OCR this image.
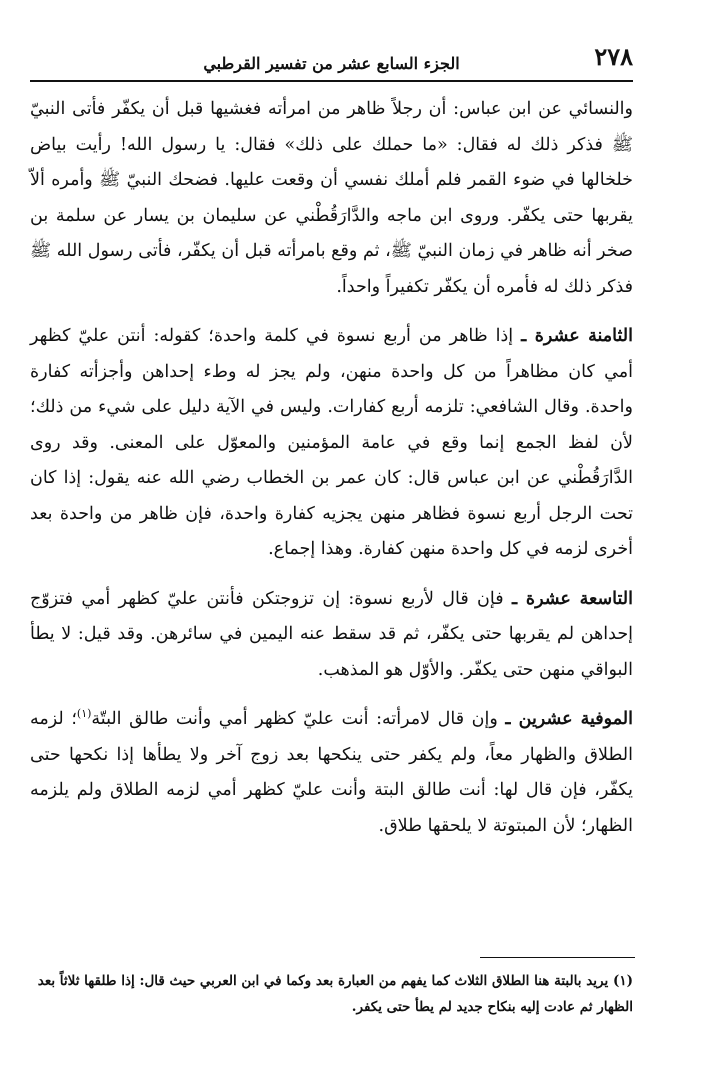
٢٧٨
الجزء السابع عشر من تفسير القرطبي

والنسائي عن ابن عباس: أن رجلاً ظاهر من امرأته فغشيها قبل أن يكفّر فأتى النبيّ ﷺ فذكر ذلك له فقال: «ما حملك على ذلك» فقال: يا رسول الله! رأيت بياض خلخالها في ضوء القمر فلم أملك نفسي أن وقعت عليها. فضحك النبيّ ﷺ وأمره ألاّ يقربها حتى يكفّر. وروى ابن ماجه والدَّارَقُطْني عن سليمان بن يسار عن سلمة بن صخر أنه ظاهر في زمان النبيّ ﷺ، ثم وقع بامرأته قبل أن يكفّر، فأتى رسول الله ﷺ فذكر ذلك له فأمره أن يكفّر تكفيراً واحداً.

الثامنة عشرة ـ إذا ظاهر من أربع نسوة في كلمة واحدة؛ كقوله: أنتن عليّ كظهر أمي كان مظاهراً من كل واحدة منهن، ولم يجز له وطء إحداهن وأجزأته كفارة واحدة. وقال الشافعي: تلزمه أربع كفارات. وليس في الآية دليل على شيء من ذلك؛ لأن لفظ الجمع إنما وقع في عامة المؤمنين والمعوّل على المعنى. وقد روى الدَّارَقُطْني عن ابن عباس قال: كان عمر بن الخطاب رضي الله عنه يقول: إذا كان تحت الرجل أربع نسوة فظاهر منهن يجزيه كفارة واحدة، فإن ظاهر من واحدة بعد أخرى لزمه في كل واحدة منهن كفارة. وهذا إجماع.

التاسعة عشرة ـ فإن قال لأربع نسوة: إن تزوجتكن فأنتن عليّ كظهر أمي فتزوّج إحداهن لم يقربها حتى يكفّر، ثم قد سقط عنه اليمين في سائرهن. وقد قيل: لا يطأ البواقي منهن حتى يكفّر. والأوّل هو المذهب.

الموفية عشرين ـ وإن قال لامرأته: أنت عليّ كظهر أمي وأنت طالق البتّة$^{(١)}$؛ لزمه الطلاق والظهار معاً، ولم يكفر حتى ينكحها بعد زوج آخر ولا يطأها إذا نكحها حتى يكفّر، فإن قال لها: أنت طالق البتة وأنت عليّ كظهر أمي لزمه الطلاق ولم يلزمه الظهار؛ لأن المبتوتة لا يلحقها طلاق.

(١) يريد بالبتة هنا الطلاق الثلاث كما يفهم من العبارة بعد وكما في ابن العربي حيث قال: إذا طلقها ثلاثاً بعد الظهار ثم عادت إليه بنكاح جديد لم يطأ حتى يكفر.
